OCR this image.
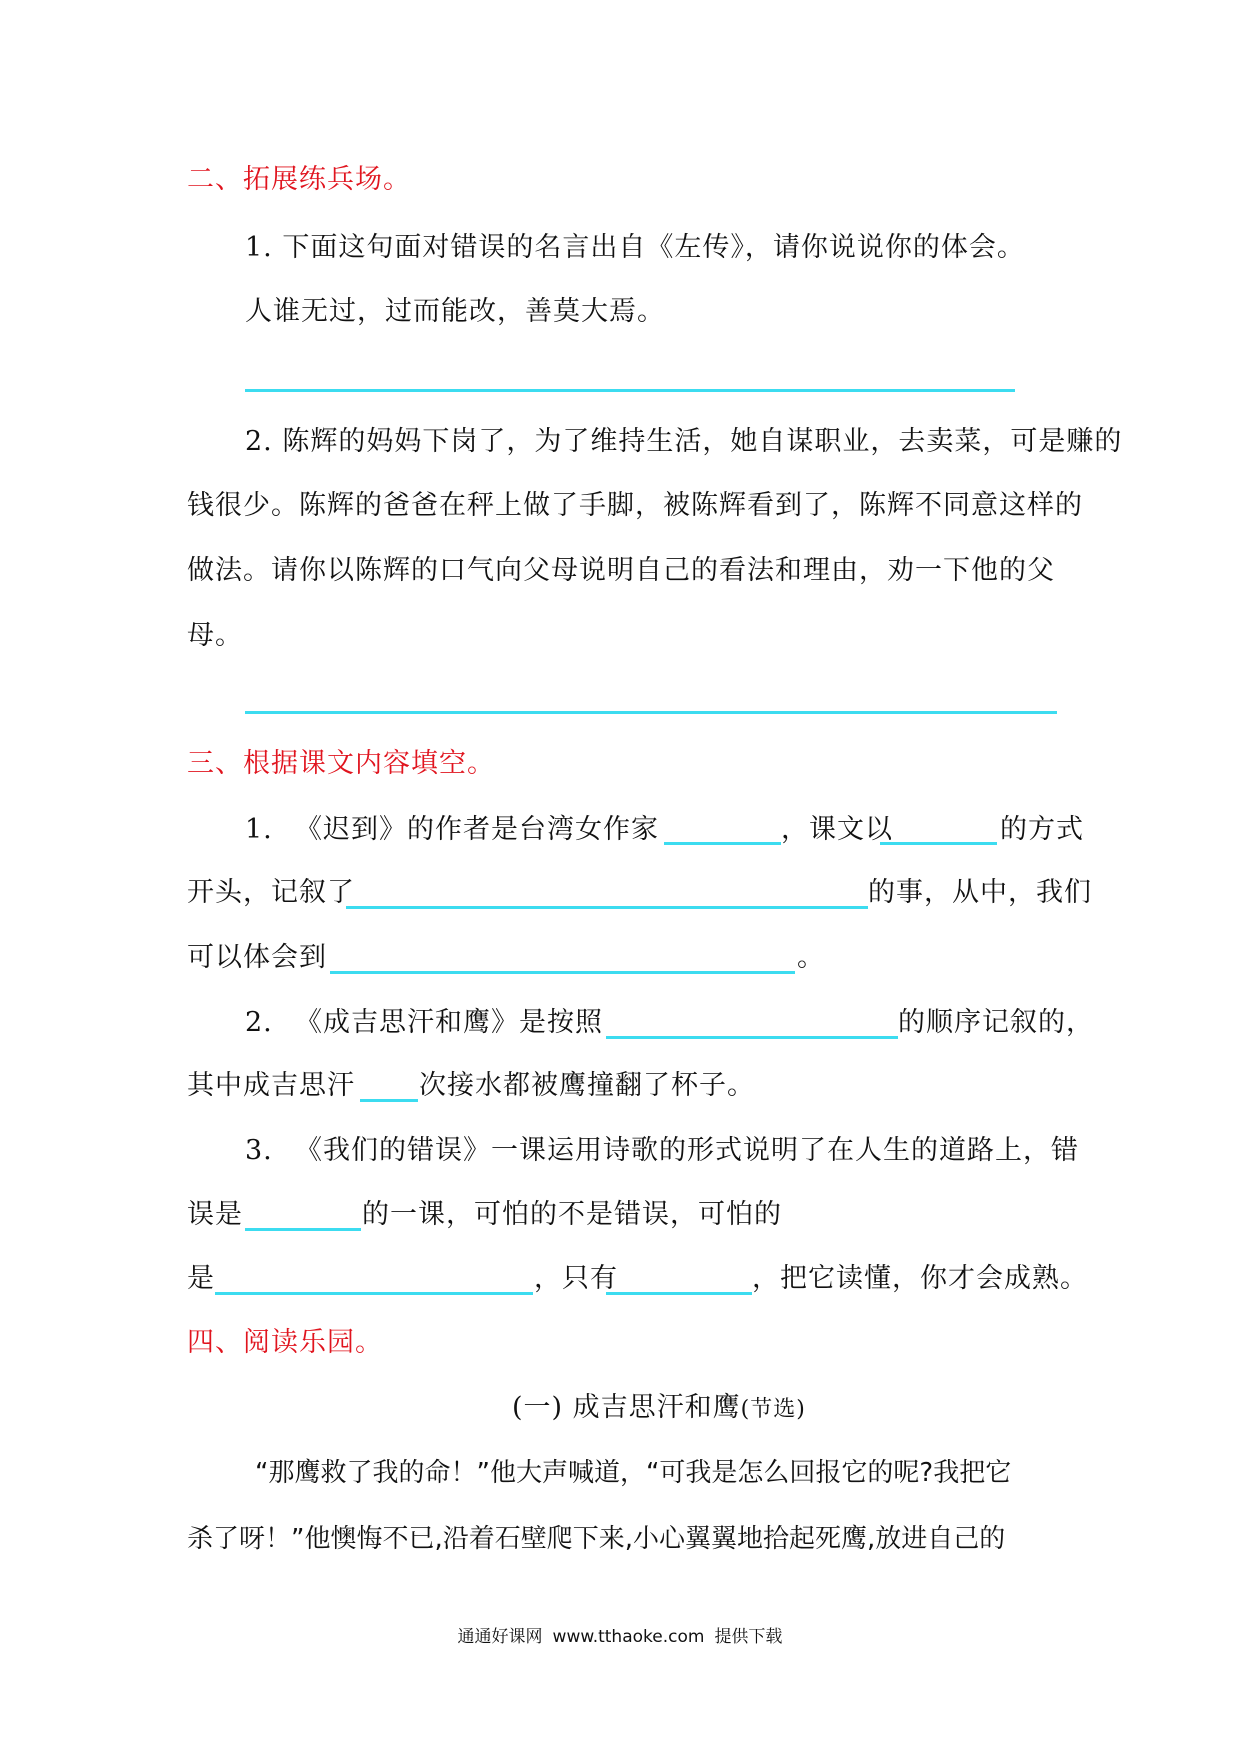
二、拓展练兵场。
1. 下面这句面对错误的名言出自《左传》，请你说说你的体会。
人谁无过，过而能改，善莫大焉。
2. 陈辉的妈妈下岗了，为了维持生活，她自谋职业，去卖菜，可是赚的
钱很少。陈辉的爸爸在秤上做了手脚，被陈辉看到了，陈辉不同意这样的
做法。请你以陈辉的口气向父母说明自己的看法和理由，劝一下他的父
母。
三、根据课文内容填空。
1. 《迟到》的作者是台湾女作家	，课文以	的方式
开头，记叙了	的事，从中，我们
可以体会到	。
2. 《成吉思汗和鹰》是按照	的顺序记叙的，
其中成吉思汗 次接水都被鹰撞翻了杯子。
3. 《我们的错误》一课运用诗歌的形式说明了在人生的道路上，错
误是	的一课，可怕的不是错误，可怕的
是	，只有	，把它读懂，你才会成熟。
四、阅读乐园。
(一) 成吉思汗和鹰(节选)
“那鹰救了我的命！”他大声喊道，“可我是怎么回报它的呢?我把它
杀了呀！”他懊悔不已,沿着石壁爬下来,小心翼翼地拾起死鹰,放进自己的
通通好课网 www.tthaoke.com 提供下载
